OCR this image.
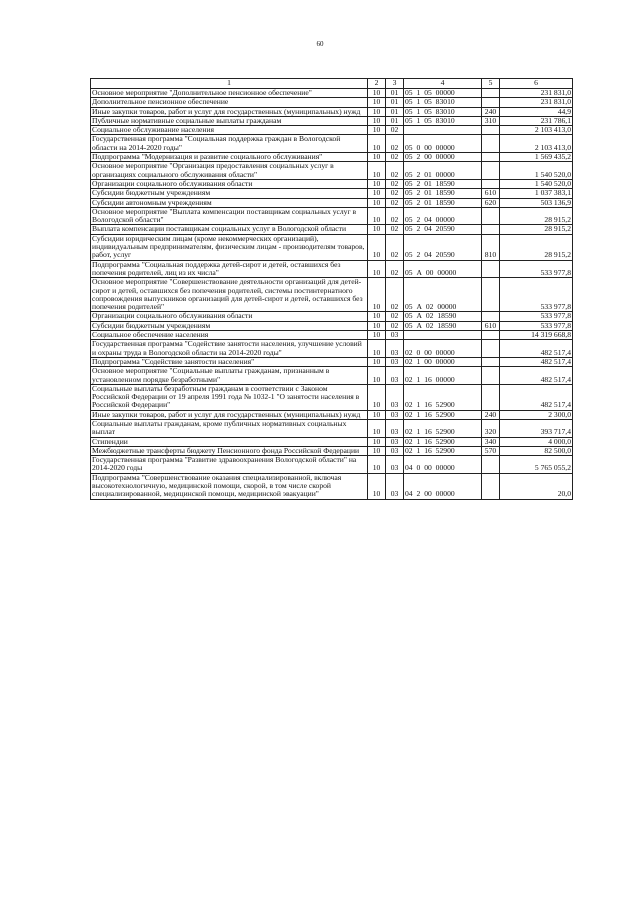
60
1	2	3	4	5	6
Основное мероприятие "Дополнительное пенсионное обеспечение"	10	01	05 1 05 00000		231 831,0
Дополнительное пенсионное обеспечение	10	01	05 1 05 83010		231 831,0
Иные закупки товаров, работ и услуг для государственных (муниципальных) нужд	10	01	05 1 05 83010	240	44,9
Публичные нормативные социальные выплаты гражданам	10	01	05 1 05 83010	310	231 786,1
Социальное обслуживание населения	10	02			2 103 413,0
Государственная программа "Социальная поддержка граждан в Вологодской области на 2014-2020 годы"	10	02	05 0 00 00000		2 103 413,0
Подпрограмма "Модернизация и развитие социального обслуживания"	10	02	05 2 00 00000		1 569 435,2
Основное мероприятие "Организация предоставления социальных услуг в организациях социального обслуживания области"	10	02	05 2 01 00000		1 540 520,0
Организации социального обслуживания области	10	02	05 2 01 18590		1 540 520,0
Субсидии бюджетным учреждениям	10	02	05 2 01 18590	610	1 037 383,1
Субсидии автономным учреждениям	10	02	05 2 01 18590	620	503 136,9
Основное мероприятие "Выплата компенсации поставщикам социальных услуг в Вологодской области"	10	02	05 2 04 00000		28 915,2
Выплата компенсации поставщикам социальных услуг в Вологодской области	10	02	05 2 04 20590		28 915,2
Субсидии юридическим лицам (кроме некоммерческих организаций), индивидуальным предпринимателям, физическим лицам - производителям товаров, работ, услуг	10	02	05 2 04 20590	810	28 915,2
Подпрограмма "Социальная поддержка детей-сирот и детей, оставшихся без попечения родителей, лиц из их числа"	10	02	05 А 00 00000		533 977,8
Основное мероприятие "Совершенствование деятельности организаций для детей-сирот и детей, оставшихся без попечения родителей, системы постинтернатного сопровождения выпускников организаций для детей-сирот и детей, оставшихся без попечения родителей"	10	02	05 А 02 00000		533 977,8
Организации социального обслуживания области	10	02	05 А 02 18590		533 977,8
Субсидии бюджетным учреждениям	10	02	05 А 02 18590	610	533 977,8
Социальное обеспечение населения	10	03			14 319 668,8
Государственная программа "Содействие занятости населения, улучшение условий и охраны труда в Вологодской области на 2014-2020 годы"	10	03	02 0 00 00000		482 517,4
Подпрограмма "Содействие занятости населения"	10	03	02 1 00 00000		482 517,4
Основное мероприятие "Социальные выплаты гражданам, признанным в установленном порядке безработными"	10	03	02 1 16 00000		482 517,4
Социальные выплаты безработным гражданам в соответствии с Законом Российской Федерации от 19 апреля 1991 года № 1032-1 "О занятости населения в Российской Федерации"	10	03	02 1 16 52900		482 517,4
Иные закупки товаров, работ и услуг для государственных (муниципальных) нужд	10	03	02 1 16 52900	240	2 300,0
Социальные выплаты гражданам, кроме публичных нормативных социальных выплат	10	03	02 1 16 52900	320	393 717,4
Стипендии	10	03	02 1 16 52900	340	4 000,0
Межбюджетные трансферты бюджету Пенсионного фонда Российской Федерации	10	03	02 1 16 52900	570	82 500,0
Государственная программа "Развитие здравоохранения Вологодской области" на 2014-2020 годы	10	03	04 0 00 00000		5 765 055,2
Подпрограмма "Совершенствование оказания специализированной, включая высокотехнологичную, медицинской помощи, скорой, в том числе скорой специализированной, медицинской помощи, медицинской эвакуации"	10	03	04 2 00 00000		20,0
